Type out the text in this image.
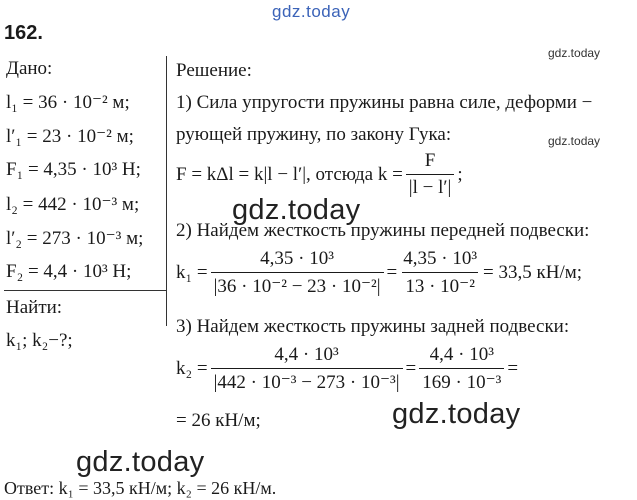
gdz.today
gdz.today
gdz.today
162.
Дано:
l₁ = 36 · 10⁻² м;
l′₁ = 23 · 10⁻² м;
F₁ = 4,35 · 10³ Н;
l₂ = 442 · 10⁻³ м;
l′₂ = 273 · 10⁻³ м;
F₂ = 4,4 · 10³ Н;
Найти:
k₁; k₂−?;
Решение:
1) Сила упругости пружины равна силе, деформи −
рующей пружину, по закону Гука:
F = kΔl = k|l − l′|, отсюда $k = \frac{F}{|l - l'|}$ ;
gdz.today
2) Найдем жесткость пружины передней подвески:
$k_1 = \frac{\text{4,35 · 10³}}{\text{|36 · 10⁻² − 23 · 10⁻²|}} = \frac{\text{4,35 · 10³}}{\text{13 · 10⁻²}} = 33,5$ кН/м;
3) Найдем жесткость пружины задней подвески:
$k_2 = \frac{\text{4,4 · 10³}}{\text{|442 · 10⁻³ − 273 · 10⁻³|}} = \frac{\text{4,4 · 10³}}{\text{169 · 10⁻³}}$ =
= 26 кН/м;	gdz.today
gdz.today
Ответ: k₁ = 33,5 кН/м; k₂ = 26 кН/м.
